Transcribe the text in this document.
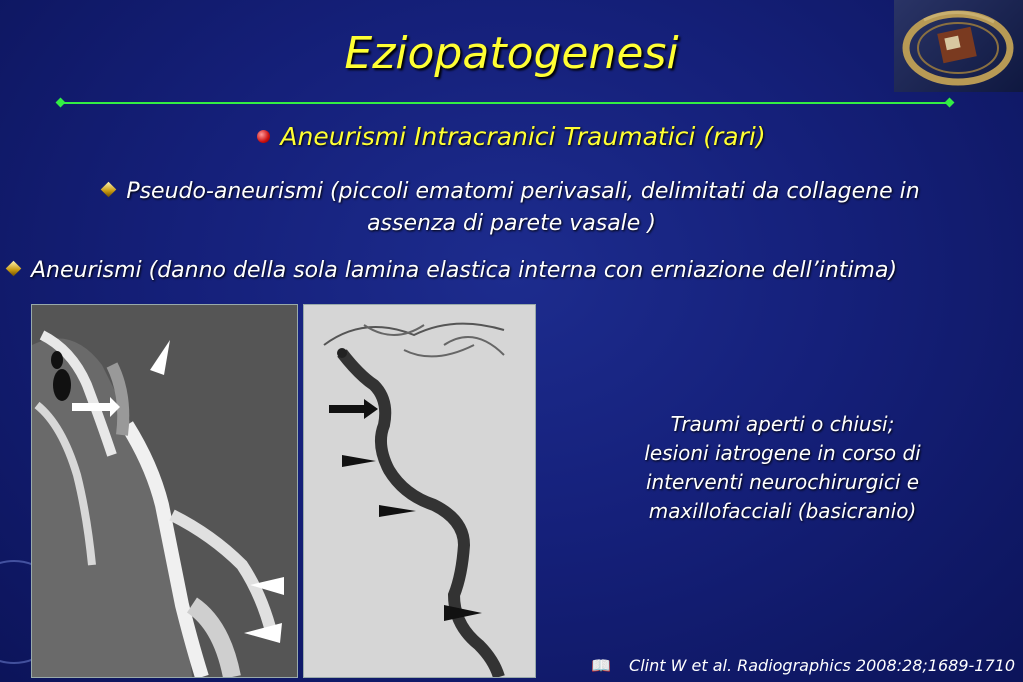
Eziopatogenesi
Aneurismi Intracranici Traumatici (rari)
Pseudo-aneurismi (piccoli ematomi perivasali, delimitati da collagene in
assenza di parete vasale )
Aneurismi (danno della sola lamina elastica interna con erniazione dell’intima)
Traumi aperti o chiusi;
lesioni iatrogene in corso di
interventi neurochirurgici e
maxillofacciali (basicranio)
📖 Clint W et al. Radiographics 2008:28;1689-1710
